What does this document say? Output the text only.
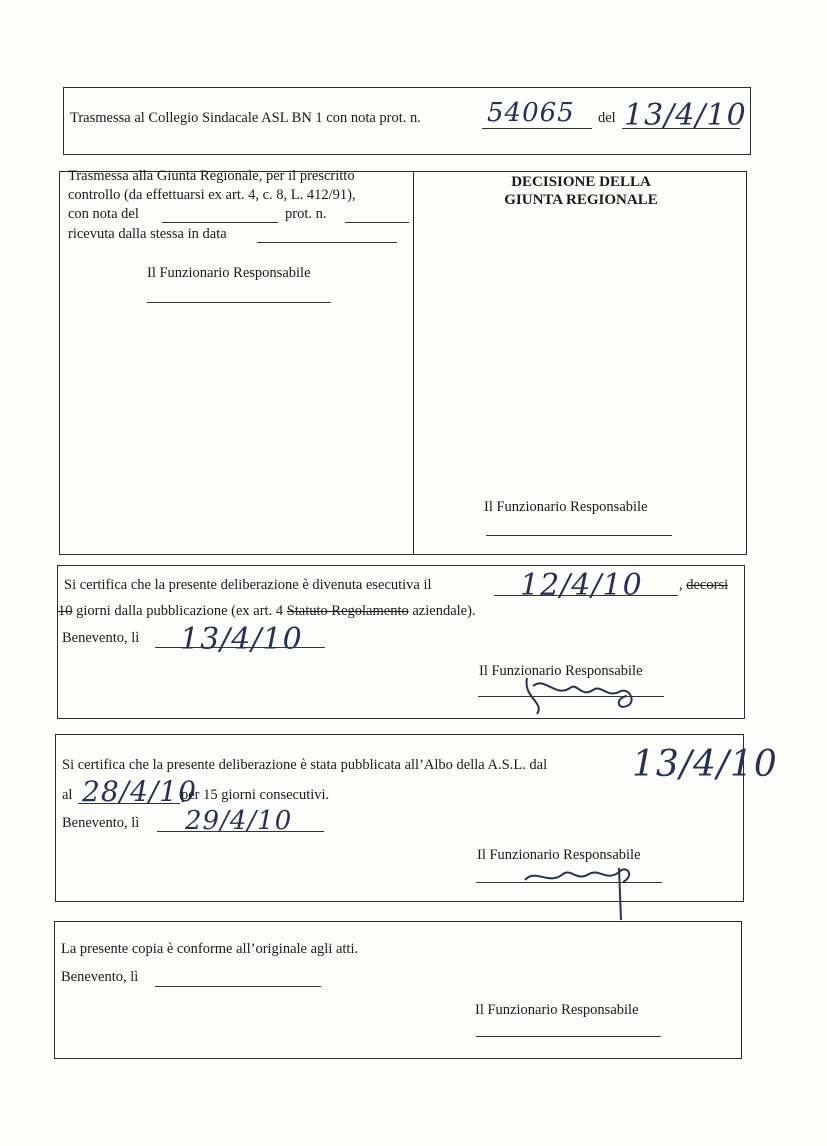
Trasmessa al Collegio Sindacale ASL BN 1 con nota prot. n.	54065 del 13/4/10
Trasmessa alla Giunta Regionale, per il prescritto
controllo (da effettuarsi ex art. 4, c. 8, L. 412/91),
con nota del	prot. n.
ricevuta dalla stessa in data
Il Funzionario Responsabile
DECISIONE DELLA
GIUNTA REGIONALE
Il Funzionario Responsabile
Si certifica che la presente deliberazione è divenuta esecutiva il	12/4/10	, decorsi
10 giorni dalla pubblicazione (ex art. 4 Statuto Regolamento aziendale).
Benevento, lì 13/4/10
Il Funzionario Responsabile
Si certifica che la presente deliberazione è stata pubblicata all’Albo della A.S.L. dal 13/4/10
al 28/4/10
per 15 giorni consecutivi.
Benevento, lì 29/4/10
Il Funzionario Responsabile
La presente copia è conforme all’originale agli atti.
Benevento, lì
Il Funzionario Responsabile
